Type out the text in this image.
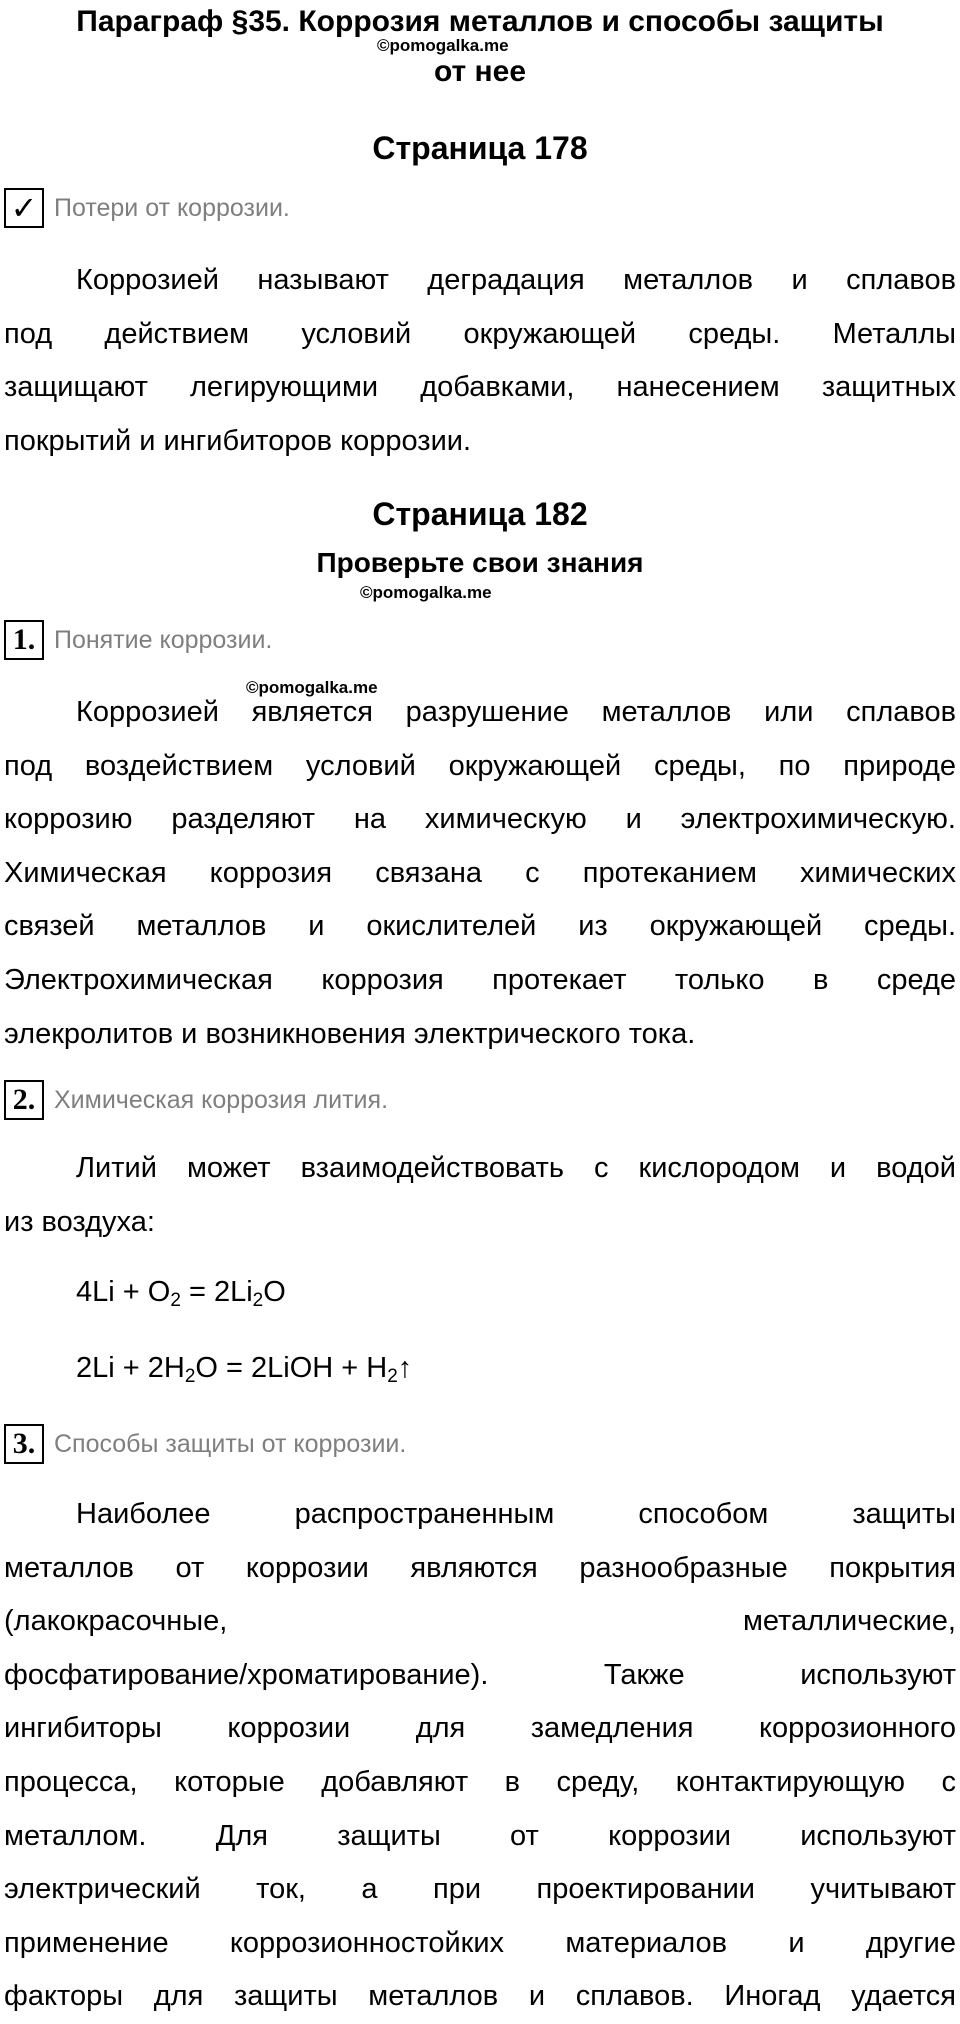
Параграф §35. Коррозия металлов и способы защиты
от нее
©pomogalka.me
Страница 178
✓ Потери от коррозии.
Коррозией называют деградация металлов и сплавов
под действием условий окружающей среды. Металлы
защищают легирующими добавками, нанесением защитных
покрытий и ингибиторов коррозии.
Страница 182
Проверьте свои знания
©pomogalka.me
1. Понятие коррозии.
©pomogalka.me
Коррозией является разрушение металлов или сплавов
под воздействием условий окружающей среды, по природе
коррозию разделяют на химическую и электрохимическую.
Химическая коррозия связана с протеканием химических
связей металлов и окислителей из окружающей среды.
Электрохимическая коррозия протекает только в среде
элекролитов и возникновения электрического тока.
2. Химическая коррозия лития.
Литий может взаимодействовать с кислородом и водой
из воздуха:
$4Li + O_2 = 2Li_2O$
$2Li + 2H_2O$ = 2LiOH + $H_2↑$
3. Способы защиты от коррозии.
Наиболее распространенным способом защиты
металлов от коррозии являются разнообразные покрытия
(лакокрасочные, металлические,
фосфатирование/хроматирование). Также используют
ингибиторы коррозии для замедления коррозионного
процесса, которые добавляют в среду, контактирующую с
металлом. Для защиты от коррозии используют
электрический ток, а при проектировании учитывают
применение коррозионностойких материалов и другие
факторы для защиты металлов и сплавов. Иногад удается
